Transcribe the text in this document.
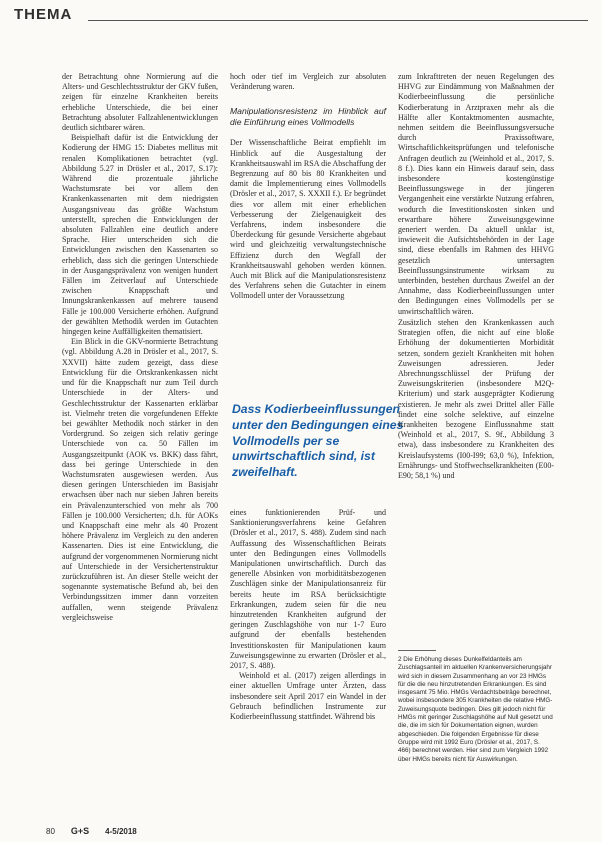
THEMA

der Betrachtung ohne Normierung auf die Alters- und Geschlechtsstruktur der GKV fußen, zeigen für einzelne Krankheiten bereits erhebliche Unterschiede, die bei einer Betrachtung absoluter Fallzahlenentwicklungen deutlich sichtbarer wären.

Beispielhaft dafür ist die Entwicklung der Kodierung der HMG 15: Diabetes mellitus mit renalen Komplikationen betrachtet (vgl. Abbildung 5.27 in Drösler et al., 2017, S.17): Während die prozentuale jährliche Wachstumsrate bei vor allem den Krankenkassenarten mit dem niedrigsten Ausgangsniveau das größte Wachstum unterstellt, sprechen die Entwicklungen der absoluten Fallzahlen eine deutlich andere Sprache. Hier unterscheiden sich die Entwicklungen zwischen den Kassenarten so erheblich, dass sich die geringen Unterschiede in der Ausgangsprävalenz von wenigen hundert Fällen im Zeitverlauf auf Unterschiede zwischen Knappschaft und Innungskrankenkassen auf mehrere tausend Fälle je 100.000 Versicherte erhöhen. Aufgrund der gewählten Methodik werden im Gutachten hingegen keine Auffälligkeiten thematisiert.

Ein Blick in die GKV-normierte Betrachtung (vgl. Abbildung A.28 in Drösler et al., 2017, S. XXVII) hätte zudem gezeigt, dass diese Entwicklung für die Ortskrankenkassen nicht und für die Knappschaft nur zum Teil durch Unterschiede in der Alters- und Geschlechtsstruktur der Kassenarten erklärbar ist. Vielmehr treten die vorgefundenen Effekte bei gewählter Methodik noch stärker in den Vordergrund. So zeigen sich relativ geringe Unterschiede von ca. 50 Fällen im Ausgangszeitpunkt (AOK vs. BKK) dass fährt, dass bei geringe Unterschiede in den Wachstumsraten ausgewiesen werden. Aus diesen geringen Unterschieden im Basisjahr erwachsen über nach nur sieben Jahren bereits ein Prävalenzunterschied von mehr als 700 Fällen je 100.000 Versicherten; d.h. für AOKs und Knappschaft eine mehr als 40 Prozent höhere Prävalenz im Vergleich zu den anderen Kassenarten. Dies ist eine Entwicklung, die aufgrund der vorgenommenen Normierung nicht auf Unterschiede in der Versichertenstruktur zurückzuführen ist. An dieser Stelle weicht der sogenannte systematische Befund ab, bei den Verbindungssitzen immer dann vorzeiten auffallen, wenn steigende Prävalenz vergleichsweise

hoch oder tief im Vergleich zur absoluten Veränderung waren.

Manipulationsresistenz im Hinblick auf die Einführung eines Vollmodells

Der Wissenschaftliche Beirat empfiehlt im Hinblick auf die Ausgestaltung der Krankheitsauswahl im RSA die Abschaffung der Begrenzung auf 80 bis 80 Krankheiten und damit die Implementierung eines Vollmodells (Drösler et al., 2017, S. XXXII f.). Er begründet dies vor allem mit einer erheblichen Verbesserung der Zielgenauigkeit des Verfahrens, indem insbesondere die Überdeckung für gesunde Versicherte abgebaut wird und gleichzeitig verwaltungstechnische Effizienz durch den Wegfall der Krankheitsauswahl gehoben werden können. Auch mit Blick auf die Manipulationsresistenz des Verfahrens sehen die Gutachter in einem Vollmodell unter der Voraussetzung

Dass Kodierbeeinflussungen unter den Bedingungen eines Vollmodells per se unwirtschaftlich sind, ist zweifelhaft.

eines funktionierenden Prüf- und Sanktionierungsverfahrens keine Gefahren (Drösler et al., 2017, S. 488). Zudem sind nach Auffassung des Wissenschaftlichen Beirats unter den Bedingungen eines Vollmodells Manipulationen unwirtschaftlich. Durch das generelle Absinken von morbiditätsbezogenen Zuschlägen sinke der Manipulationsanreiz für bereits heute im RSA berücksichtigte Erkrankungen, zudem seien für die neu hinzutretenden Krankheiten aufgrund der geringen Zuschlagshöhe von nur 1-7 Euro aufgrund der ebenfalls bestehenden Investitionskosten für Manipulationen kaum Zuweisungsgewinne zu erwarten (Drösler et al., 2017, S. 488).

Weinhold et al. (2017) zeigen allerdings in einer aktuellen Umfrage unter Ärzten, dass insbesondere seit April 2017 ein Wandel in der Gebrauch befindlichen Instrumente zur Kodierbeeinflussung stattfindet. Während bis

zum Inkrafttreten der neuen Regelungen des HHVG zur Eindämmung von Maßnahmen der Kodierbeeinflussung die persönliche Kodierberatung in Arztpraxen mehr als die Hälfte aller Kontaktmomenten ausmachte, nehmen seitdem die Beeinflussungsversuche durch Praxissoftware, Wirtschaftlichkeitsprüfungen und telefonische Anfragen deutlich zu (Weinhold et al., 2017, S. 8 f.). Dies kann ein Hinweis darauf sein, dass insbesondere kostengünstige Beeinflussungswege in der jüngeren Vergangenheit eine verstärkte Nutzung erfahren, wodurch die Investitionskosten sinken und erwartbare höhere Zuweisungsgewinne generiert werden. Da aktuell unklar ist, inwieweit die Aufsichtsbehörden in der Lage sind, diese ebenfalls im Rahmen des HHVG gesetzlich untersagten Beeinflussungsinstrumente wirksam zu unterbinden, bestehen durchaus Zweifel an der Annahme, dass Kodierbeeinflussungen unter den Bedingungen eines Vollmodells per se unwirtschaftlich wären.

Zusätzlich stehen den Krankenkassen auch Strategien offen, die nicht auf eine bloße Erhöhung der dokumentierten Morbidität setzen, sondern gezielt Krankheiten mit hohen Zuweisungen adressieren. Jeder Abrechnungsschlüssel der Prüfung der Zuweisungskriterien (insbesondere M2Q-Kriterium) und stark ausgeprägter Kodierung existieren. Je mehr als zwei Drittel aller Fälle findet eine solche selektive, auf einzelne Krankheiten bezogene Einflussnahme statt (Weinhold et al., 2017, S. 9f., Abbildung 3 etwa), dass insbesondere zu Krankheiten des Kreislaufsystems (I00-I99; 63,0 %), Infektion, Ernährungs- und Stoffwechselkrankheiten (E00-E90; 58,1 %) und

2 Die Erhöhung dieses Dunkelfeldanteils am Zuschlagsanteil im aktuellen Krankenversicherungsjahr wird sich in diesem Zusammenhang an vor 23 HMGs für die die neu hinzutretenden Erkrankungen. Es sind insgesamt 75 Mio. HMGs Verdachtsbeträge berechnet, wobei insbesondere 305 Krankheiten die relative HMG-Zuweisungsquote bedingen. Dies gilt jedoch nicht für HMGs mit geringer Zuschlagshöhe auf Null gesetzt und die, die im sich für Dokumentation eignen, wurden abgeschieden. Die folgenden Ergebnisse für diese Gruppe wird mit 1992 Euro (Drösler et al., 2017, S. 466) berechnet werden. Hier sind zum Vergleich 1992 über HMGs bereits nicht für Auswirkungen.
80 G+S 4-5/2018
